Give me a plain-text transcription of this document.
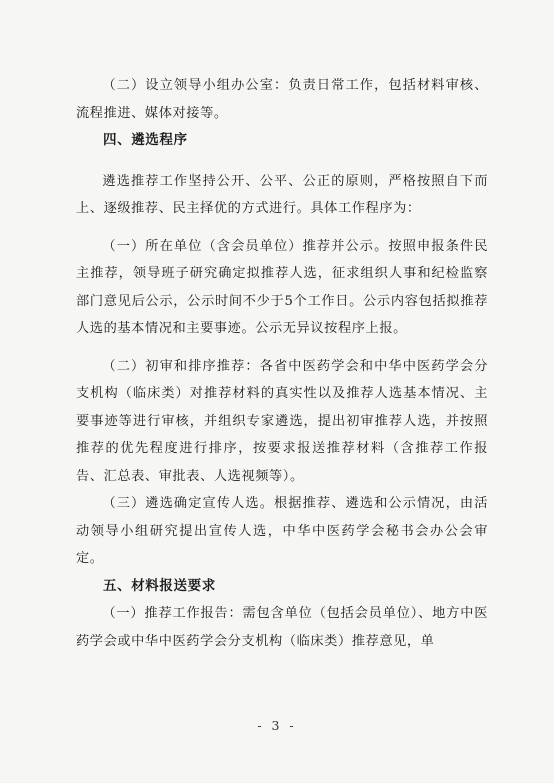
（二）设立领导小组办公室：负责日常工作，包括材料审核、流程推进、媒体对接等。

四、遴选程序

遴选推荐工作坚持公开、公平、公正的原则，严格按照自下而上、逐级推荐、民主择优的方式进行。具体工作程序为：

（一）所在单位（含会员单位）推荐并公示。按照申报条件民主推荐，领导班子研究确定拟推荐人选，征求组织人事和纪检监察部门意见后公示，公示时间不少于5个工作日。公示内容包括拟推荐人选的基本情况和主要事迹。公示无异议按程序上报。

（二）初审和排序推荐：各省中医药学会和中华中医药学会分支机构（临床类）对推荐材料的真实性以及推荐人选基本情况、主要事迹等进行审核，并组织专家遴选，提出初审推荐人选，并按照推荐的优先程度进行排序，按要求报送推荐材料（含推荐工作报告、汇总表、审批表、人选视频等）。

（三）遴选确定宣传人选。根据推荐、遴选和公示情况，由活动领导小组研究提出宣传人选，中华中医药学会秘书会办公会审定。

五、材料报送要求

（一）推荐工作报告：需包含单位（包括会员单位）、地方中医药学会或中华中医药学会分支机构（临床类）推荐意见，单

- 3 -
